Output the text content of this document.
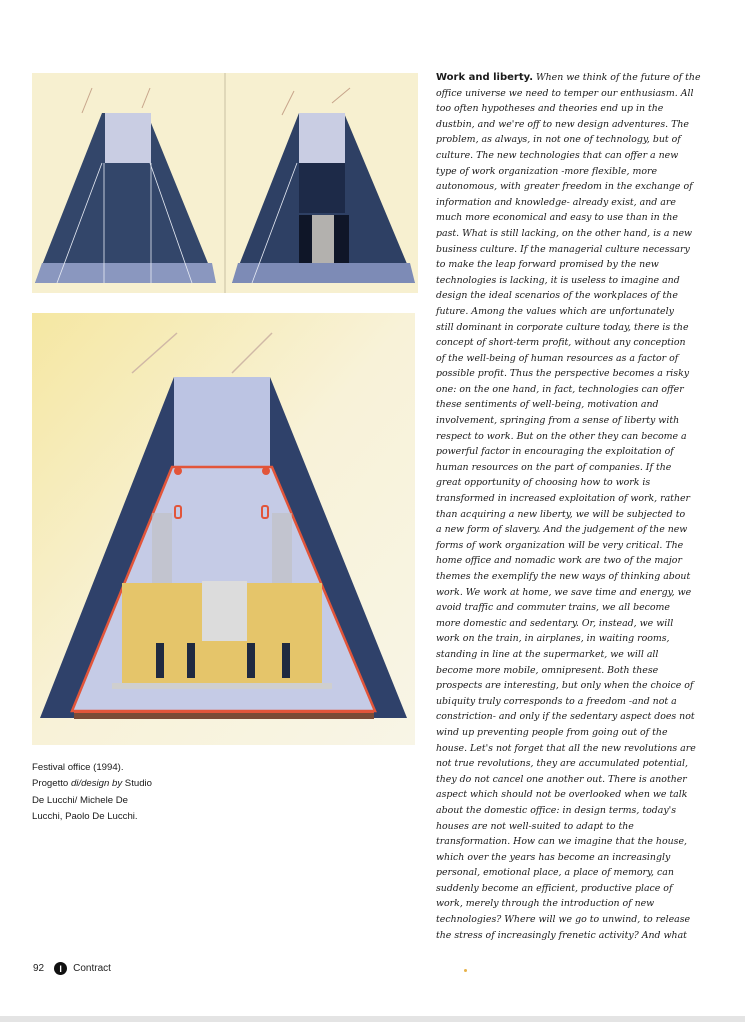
Festival office (1994).
Progetto di/design by Studio
De Lucchi/ Michele De
Lucchi, Paolo De Lucchi.
Work and liberty. When we think of the future of the
office universe we need to temper our enthusiasm. All
too often hypotheses and theories end up in the
dustbin, and we're off to new design adventures. The
problem, as always, in not one of technology, but of
culture. The new technologies that can offer a new
type of work organization -more flexible, more
autonomous, with greater freedom in the exchange of
information and knowledge- already exist, and are
much more economical and easy to use than in the
past. What is still lacking, on the other hand, is a new
business culture. If the managerial culture necessary
to make the leap forward promised by the new
technologies is lacking, it is useless to imagine and
design the ideal scenarios of the workplaces of the
future. Among the values which are unfortunately
still dominant in corporate culture today, there is the
concept of short-term profit, without any conception
of the well-being of human resources as a factor of
possible profit. Thus the perspective becomes a risky
one: on the one hand, in fact, technologies can offer
these sentiments of well-being, motivation and
involvement, springing from a sense of liberty with
respect to work. But on the other they can become a
powerful factor in encouraging the exploitation of
human resources on the part of companies. If the
great opportunity of choosing how to work is
transformed in increased exploitation of work, rather
than acquiring a new liberty, we will be subjected to
a new form of slavery. And the judgement of the new
forms of work organization will be very critical. The
home office and nomadic work are two of the major
themes the exemplify the new ways of thinking about
work. We work at home, we save time and energy, we
avoid traffic and commuter trains, we all become
more domestic and sedentary. Or, instead, we will
work on the train, in airplanes, in waiting rooms,
standing in line at the supermarket, we will all
become more mobile, omnipresent. Both these
prospects are interesting, but only when the choice of
ubiquity truly corresponds to a freedom -and not a
constriction- and only if the sedentary aspect does not
wind up preventing people from going out of the
house. Let's not forget that all the new revolutions are
not true revolutions, they are accumulated potential,
they do not cancel one another out. There is another
aspect which should not be overlooked when we talk
about the domestic office: in design terms, today's
houses are not well-suited to adapt to the
transformation. How can we imagine that the house,
which over the years has become an increasingly
personal, emotional place, a place of memory, can
suddenly become an efficient, productive place of
work, merely through the introduction of new
technologies? Where will we go to unwind, to release
the stress of increasingly frenetic activity? And what
92	I	Contract
